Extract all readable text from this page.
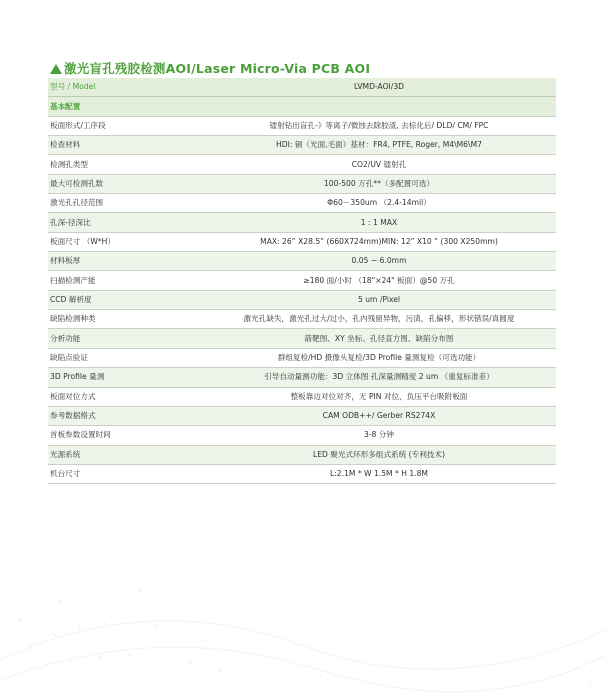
激光盲孔残胶检测AOI/Laser Micro-Via PCB AOI
型号 / Model	LVMD-AOI/3D
基本配置	
板面形式/工序段	镭射钻出盲孔-》等离子/微蚀去除胶渣, 去棕化后/ DLD/ CM/ FPC
检查材料	HDI: 铜（光面,毛面）基材：FR4, PTFE, Roger, M4\M6\M7
检测孔类型	CO2/UV 镭射孔
最大可检测孔数	100-500 万孔**（多配置可选）
激光孔孔径范围	Φ60－350um （2.4-14mil）
孔深-径深比	1 : 1 MAX
板面尺寸 （W*H）	MAX: 26” X28.5” (660X724mm)MIN: 12” X10 ” (300 X250mm)
材料板厚	0.05 ~ 6.0mm
扫描检测产能	≥180 面/小时 （18"×24" 板面）@50 万孔
CCD 解析度	5 um /Pixel
缺陷检测种类	激光孔缺失，激光孔过大/过小，孔内残留异物，污渍，孔偏移，形状错误/真圆度
分析功能	箭靶图、XY 坐标、孔径直方图、缺陷分布图
缺陷点验证	群组复检/HD 摄像头复检/3D Profile 量测复检（可选功能）
3D Profile 量测	引导自动量测功能：3D 立体图 孔深量测精度 2 um （重复标准差）
板面对位方式	整板靠边对位对齐，无 PIN 对位，负压平台吸附板面
参考数据格式	CAM ODB++/ Gerber RS274X
首板参数设置时间	3-8 分钟
光源系统	LED 聚光式环形多组式系统 (专利技术)
机台尺寸	L:2.1M * W 1.5M * H 1.8M
